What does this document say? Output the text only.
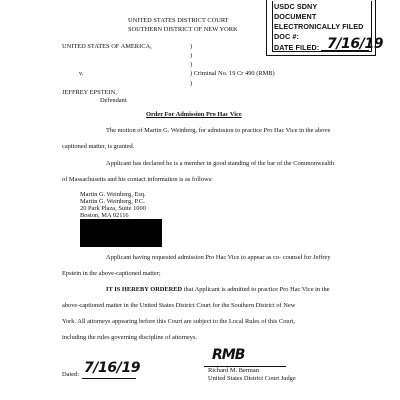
USDC SDNY
DOCUMENT
ELECTRONICALLY FILED
DOC #:
DATE FILED: 7/16/19
UNITED STATES DISTRICT COURT
SOUTHERN DISTRICT OF NEW YORK
UNITED STATES OF AMERICA,	)
)
)
v.	) Criminal No. 19 Cr 490 (RMB)
)
JEFFREY EPSTEIN,
Defendant
Order For Admission Pro Hac Vice
The motion of Martin G. Weinberg, for admission to practice Pro Hac Vice in the above
captioned matter, is granted.
Applicant has declared he is a member in good standing of the bar of the Commonwealth
of Massachusetts and his contact information is as follows:
Martin G. Weinberg, Esq.
Martin G. Weinberg, P.C.
20 Park Plaza, Suite 1000
Boston, MA 02116
Applicant having requested admission Pro Hac Vice to appear as co- counsel for Jeffrey
Epstein in the above-captioned matter;
IT IS HEREBY ORDERED that Applicant is admitted to practice Pro Hac Vice in the
above-captioned matter in the United States District Court for the Southern District of New
York. All attorneys appearing before this Court are subject to the Local Rules of this Court,
including the rules governing discipline of attorneys.
RMB
Richard M. Berman
United States District Court Judge
Dated: 7/16/19
